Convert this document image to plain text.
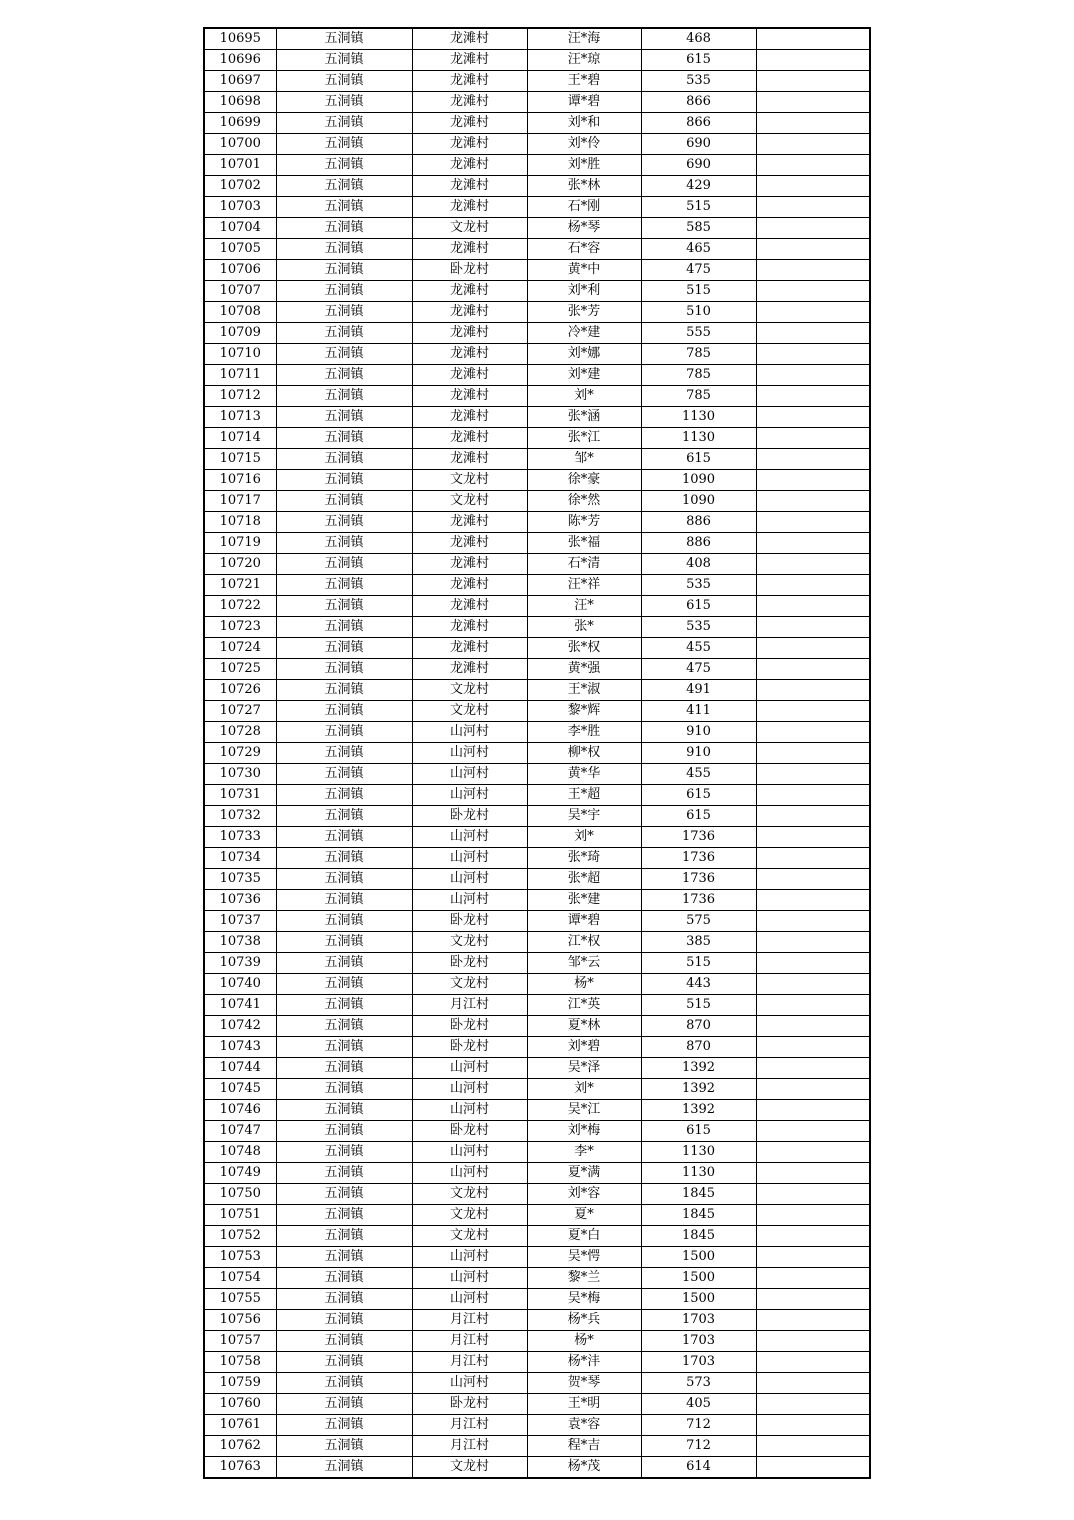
10695	五洞镇	龙滩村	汪*海	468	
10696	五洞镇	龙滩村	汪*琼	615	
10697	五洞镇	龙滩村	王*碧	535	
10698	五洞镇	龙滩村	谭*碧	866	
10699	五洞镇	龙滩村	刘*和	866	
10700	五洞镇	龙滩村	刘*伶	690	
10701	五洞镇	龙滩村	刘*胜	690	
10702	五洞镇	龙滩村	张*林	429	
10703	五洞镇	龙滩村	石*刚	515	
10704	五洞镇	文龙村	杨*琴	585	
10705	五洞镇	龙滩村	石*容	465	
10706	五洞镇	卧龙村	黄*中	475	
10707	五洞镇	龙滩村	刘*利	515	
10708	五洞镇	龙滩村	张*芳	510	
10709	五洞镇	龙滩村	冷*建	555	
10710	五洞镇	龙滩村	刘*娜	785	
10711	五洞镇	龙滩村	刘*建	785	
10712	五洞镇	龙滩村	刘*	785	
10713	五洞镇	龙滩村	张*涵	1130	
10714	五洞镇	龙滩村	张*江	1130	
10715	五洞镇	龙滩村	邹*	615	
10716	五洞镇	文龙村	徐*豪	1090	
10717	五洞镇	文龙村	徐*然	1090	
10718	五洞镇	龙滩村	陈*芳	886	
10719	五洞镇	龙滩村	张*福	886	
10720	五洞镇	龙滩村	石*清	408	
10721	五洞镇	龙滩村	汪*祥	535	
10722	五洞镇	龙滩村	汪*	615	
10723	五洞镇	龙滩村	张*	535	
10724	五洞镇	龙滩村	张*权	455	
10725	五洞镇	龙滩村	黄*强	475	
10726	五洞镇	文龙村	王*淑	491	
10727	五洞镇	文龙村	黎*辉	411	
10728	五洞镇	山河村	李*胜	910	
10729	五洞镇	山河村	柳*权	910	
10730	五洞镇	山河村	黄*华	455	
10731	五洞镇	山河村	王*超	615	
10732	五洞镇	卧龙村	吴*宇	615	
10733	五洞镇	山河村	刘*	1736	
10734	五洞镇	山河村	张*琦	1736	
10735	五洞镇	山河村	张*超	1736	
10736	五洞镇	山河村	张*建	1736	
10737	五洞镇	卧龙村	谭*碧	575	
10738	五洞镇	文龙村	江*权	385	
10739	五洞镇	卧龙村	邹*云	515	
10740	五洞镇	文龙村	杨*	443	
10741	五洞镇	月江村	江*英	515	
10742	五洞镇	卧龙村	夏*林	870	
10743	五洞镇	卧龙村	刘*碧	870	
10744	五洞镇	山河村	吴*泽	1392	
10745	五洞镇	山河村	刘*	1392	
10746	五洞镇	山河村	吴*江	1392	
10747	五洞镇	卧龙村	刘*梅	615	
10748	五洞镇	山河村	李*	1130	
10749	五洞镇	山河村	夏*满	1130	
10750	五洞镇	文龙村	刘*容	1845	
10751	五洞镇	文龙村	夏*	1845	
10752	五洞镇	文龙村	夏*白	1845	
10753	五洞镇	山河村	吴*愕	1500	
10754	五洞镇	山河村	黎*兰	1500	
10755	五洞镇	山河村	吴*梅	1500	
10756	五洞镇	月江村	杨*兵	1703	
10757	五洞镇	月江村	杨*	1703	
10758	五洞镇	月江村	杨*沣	1703	
10759	五洞镇	山河村	贺*琴	573	
10760	五洞镇	卧龙村	王*明	405	
10761	五洞镇	月江村	袁*容	712	
10762	五洞镇	月江村	程*吉	712	
10763	五洞镇	文龙村	杨*茂	614	
